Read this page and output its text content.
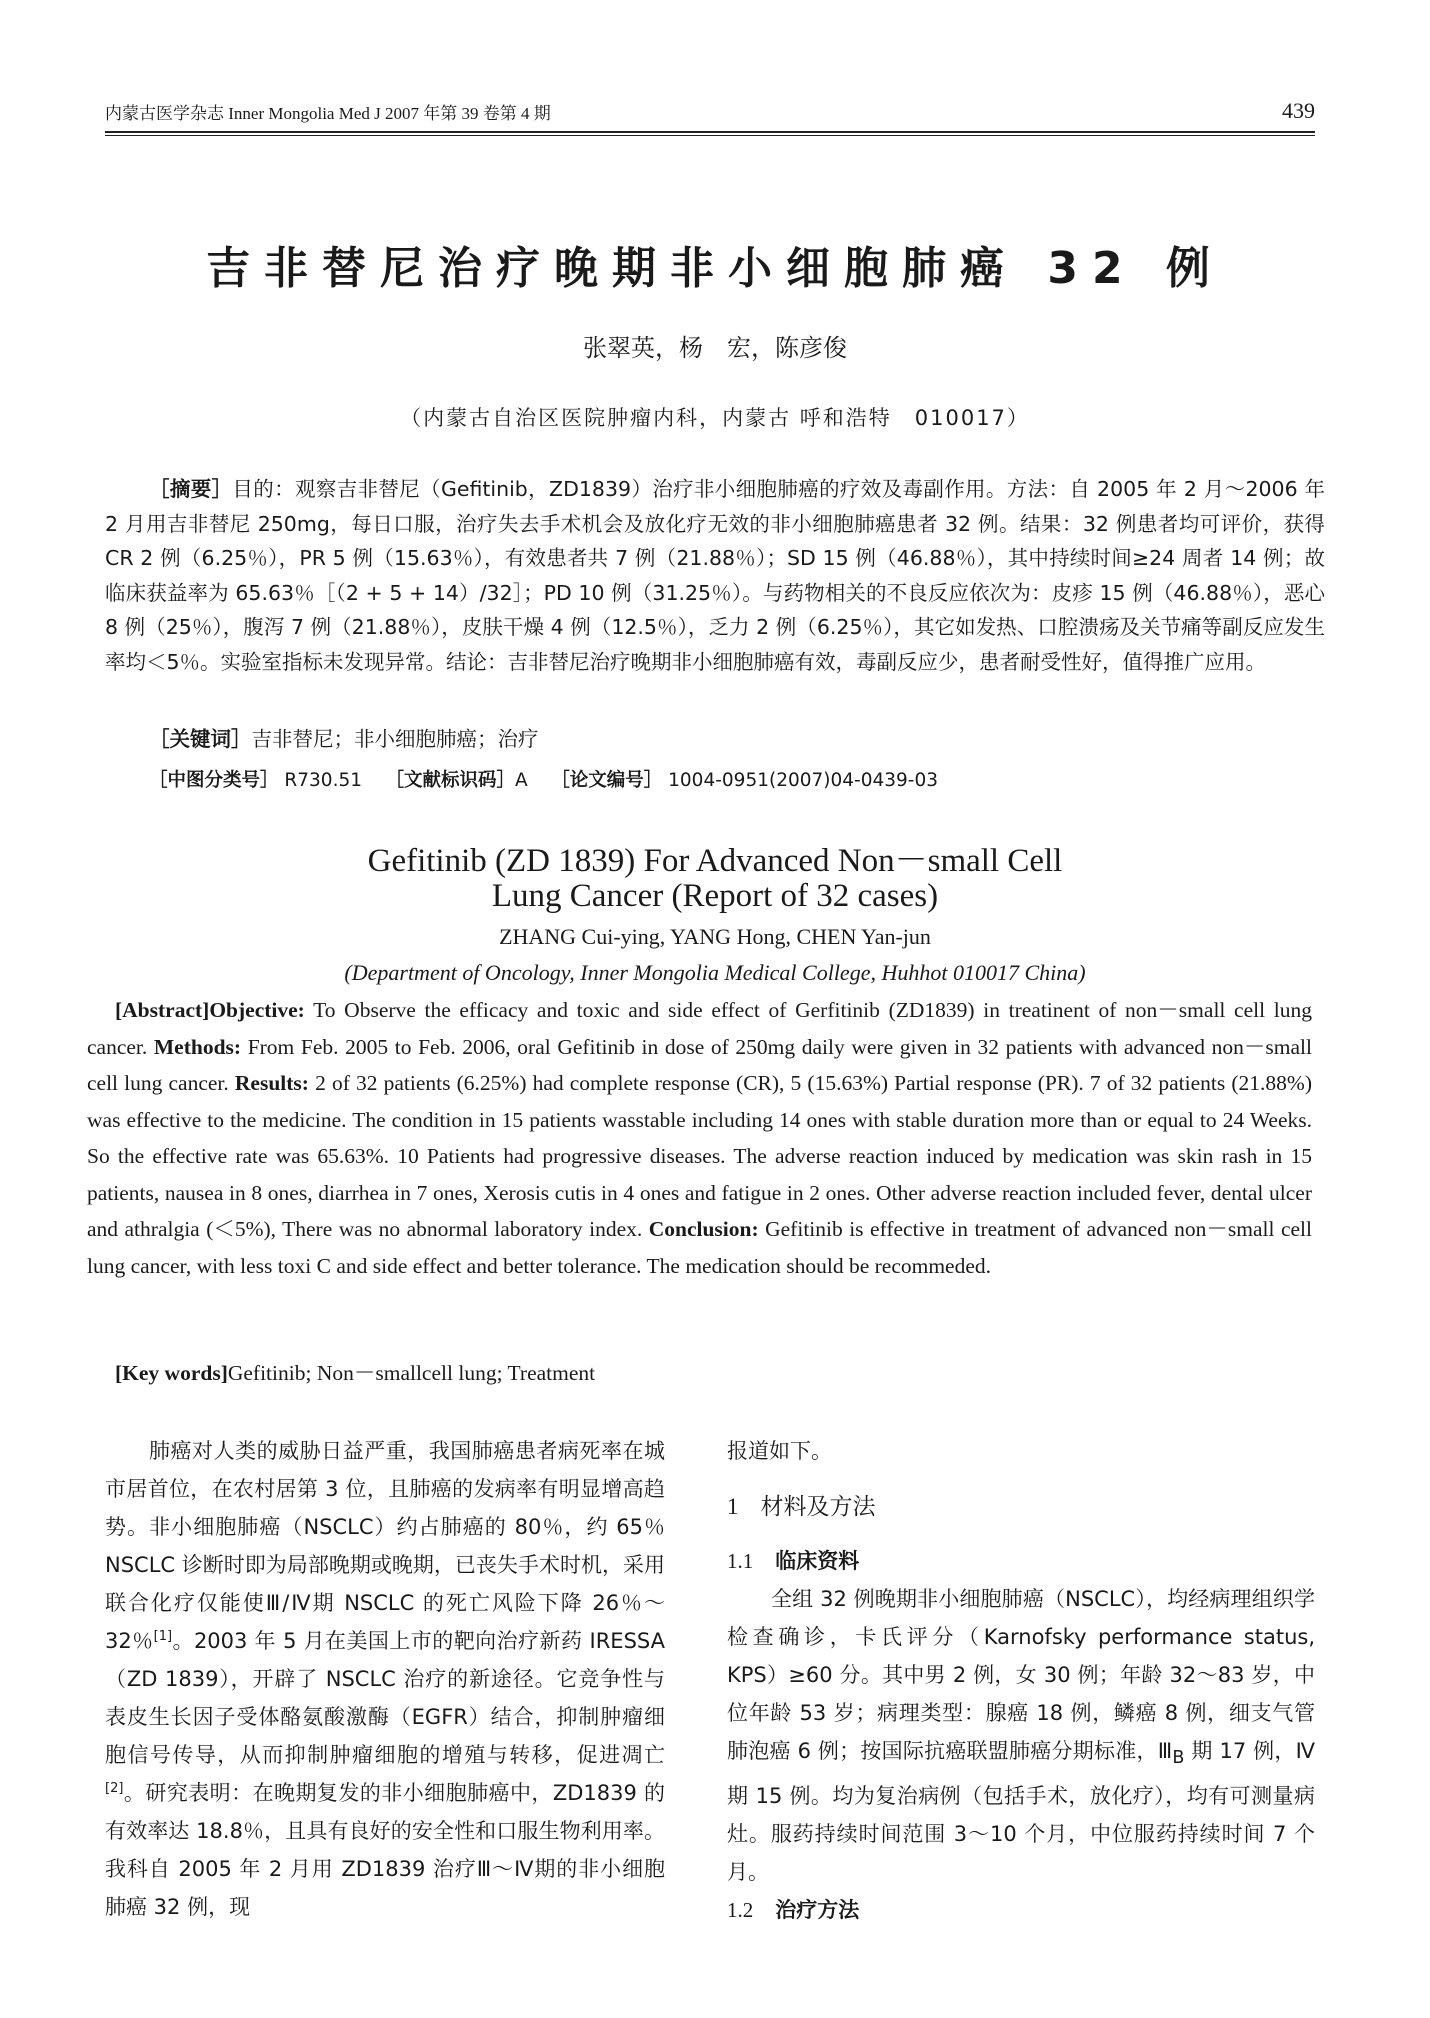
内蒙古医学杂志 Inner Mongolia Med J 2007 年第 39 卷第 4 期	439
吉非替尼治疗晚期非小细胞肺癌 32 例
张翠英，杨　宏，陈彦俊
（内蒙古自治区医院肿瘤内科，内蒙古 呼和浩特　010017）
［摘要］目的：观察吉非替尼（Gefitinib，ZD1839）治疗非小细胞肺癌的疗效及毒副作用。方法：自 2005 年 2 月～2006 年 2 月用吉非替尼 250mg，每日口服，治疗失去手术机会及放化疗无效的非小细胞肺癌患者 32 例。结果：32 例患者均可评价，获得 CR 2 例（6.25％），PR 5 例（15.63％），有效患者共 7 例（21.88％）；SD 15 例（46.88％），其中持续时间≥24 周者 14 例；故临床获益率为 65.63％［（2 + 5 + 14）/32］；PD 10 例（31.25％）。与药物相关的不良反应依次为：皮疹 15 例（46.88％），恶心 8 例（25％），腹泻 7 例（21.88％），皮肤干燥 4 例（12.5％），乏力 2 例（6.25％），其它如发热、口腔溃疡及关节痛等副反应发生率均＜5％。实验室指标未发现异常。结论：吉非替尼治疗晚期非小细胞肺癌有效，毒副反应少，患者耐受性好，值得推广应用。
［关键词］吉非替尼；非小细胞肺癌；治疗
［中图分类号］ R730.51 ［文献标识码］A ［论文编号］ 1004-0951(2007)04-0439-03
Gefitinib (ZD 1839) For Advanced Non－small Cell
Lung Cancer (Report of 32 cases)
ZHANG Cui-ying, YANG Hong, CHEN Yan-jun
(Department of Oncology, Inner Mongolia Medical College, Huhhot 010017 China)
[Abstract]Objective: To Observe the efficacy and toxic and side effect of Gerfitinib (ZD1839) in treatinent of non－small cell lung cancer. Methods: From Feb. 2005 to Feb. 2006, oral Gefitinib in dose of 250mg daily were given in 32 patients with advanced non－small cell lung cancer. Results: 2 of 32 patients (6.25%) had complete response (CR), 5 (15.63%) Partial response (PR). 7 of 32 patients (21.88%) was effective to the medicine. The condition in 15 patients wasstable including 14 ones with stable duration more than or equal to 24 Weeks. So the effective rate was 65.63%. 10 Patients had progressive diseases. The adverse reaction induced by medication was skin rash in 15 patients, nausea in 8 ones, diarrhea in 7 ones, Xerosis cutis in 4 ones and fatigue in 2 ones. Other adverse reaction included fever, dental ulcer and athralgia (＜5%), There was no abnormal laboratory index. Conclusion: Gefitinib is effective in treatment of advanced non－small cell lung cancer, with less toxi C and side effect and better tolerance. The medication should be recommeded.
[Key words]Gefitinib; Non－smallcell lung; Treatment

肺癌对人类的威胁日益严重，我国肺癌患者病死率在城市居首位，在农村居第 3 位，且肺癌的发病率有明显增高趋势。非小细胞肺癌（NSCLC）约占肺癌的 80％，约 65％ NSCLC 诊断时即为局部晚期或晚期，已丧失手术时机，采用联合化疗仅能使Ⅲ/Ⅳ期 NSCLC 的死亡风险下降 26％～32％[1]。2003 年 5 月在美国上市的靶向治疗新药 IRESSA（ZD 1839），开辟了 NSCLC 治疗的新途径。它竞争性与表皮生长因子受体酪氨酸激酶（EGFR）结合，抑制肿瘤细胞信号传导，从而抑制肿瘤细胞的增殖与转移，促进凋亡[2]。研究表明：在晚期复发的非小细胞肺癌中，ZD1839 的有效率达 18.8％，且具有良好的安全性和口服生物利用率。我科自 2005 年 2 月用 ZD1839 治疗Ⅲ～Ⅳ期的非小细胞肺癌 32 例，现

报道如下。

1 材料及方法
1.1 临床资料

全组 32 例晚期非小细胞肺癌（NSCLC），均经病理组织学检查确诊，卡氏评分（Karnofsky performance status, KPS）≥60 分。其中男 2 例，女 30 例；年龄 32～83 岁，中位年龄 53 岁；病理类型：腺癌 18 例，鳞癌 8 例，细支气管肺泡癌 6 例；按国际抗癌联盟肺癌分期标准，$Ⅲ_B$ 期 17 例，Ⅳ期 15 例。均为复治病例（包括手术，放化疗），均有可测量病灶。服药持续时间范围 3～10 个月，中位服药持续时间 7 个月。

1.2 治疗方法
